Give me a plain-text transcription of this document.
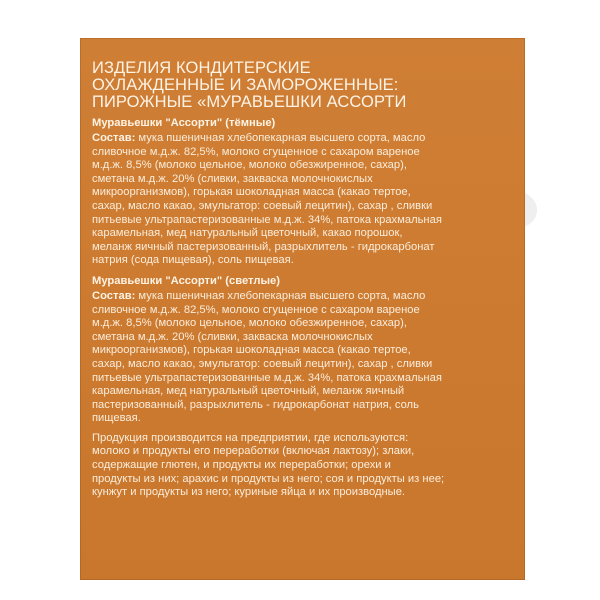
ИЗДЕЛИЯ КОНДИТЕРСКИЕ
ОХЛАЖДЕННЫЕ И ЗАМОРОЖЕННЫЕ:
ПИРОЖНЫЕ «МУРАВЬЕШКИ АССОРТИ
Муравьешки "Ассорти" (тёмные)
Состав: мука пшеничная хлебопекарная высшего сорта, масло
сливочное м.д.ж. 82,5%, молоко сгущенное с сахаром вареное
м.д.ж. 8,5% (молоко цельное, молоко обезжиренное, сахар),
сметана м.д.ж. 20% (сливки, закваска молочнокислых
микроорганизмов), горькая шоколадная масса (какао тертое,
сахар, масло какао, эмульгатор: соевый лецитин), сахар , сливки
питьевые ультрапастеризованные м.д.ж. 34%, патока крахмальная
карамельная, мед натуральный цветочный, какао порошок,
меланж яичный пастеризованный, разрыхлитель - гидрокарбонат
натрия (сода пищевая), соль пищевая.
Муравьешки "Ассорти" (светлые)
Состав: мука пшеничная хлебопекарная высшего сорта, масло
сливочное м.д.ж. 82,5%, молоко сгущенное с сахаром вареное
м.д.ж. 8,5% (молоко цельное, молоко обезжиренное, сахар),
сметана м.д.ж. 20% (сливки, закваска молочнокислых
микроорганизмов), горькая шоколадная масса (какао тертое,
сахар, масло какао, эмульгатор: соевый лецитин), сахар , сливки
питьевые ультрапастеризованные м.д.ж. 34%, патока крахмальная
карамельная, мед натуральный цветочный, меланж яичный
пастеризованный, разрыхлитель - гидрокарбонат натрия, соль
пищевая.
Продукция производится на предприятии, где используются:
молоко и продукты его переработки (включая лактозу); злаки,
содержащие глютен, и продукты их переработки; орехи и
продукты из них; арахис и продукты из него; соя и продукты из нее;
кунжут и продукты из него; куриные яйца и их производные.
